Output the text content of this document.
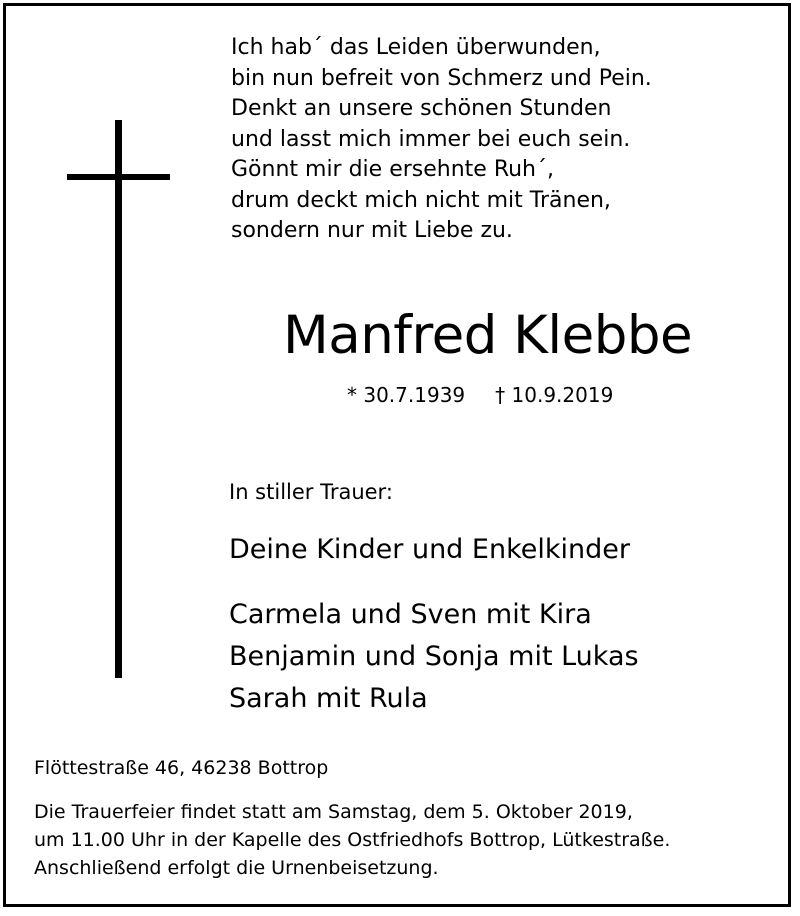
Ich hab´ das Leiden überwunden,
bin nun befreit von Schmerz und Pein.
Denkt an unsere schönen Stunden
und lasst mich immer bei euch sein.
Gönnt mir die ersehnte Ruh´,
drum deckt mich nicht mit Tränen,
sondern nur mit Liebe zu.
Manfred Klebbe
* 30.7.1939 † 10.9.2019
In stiller Trauer:
Deine Kinder und Enkelkinder
Carmela und Sven mit Kira
Benjamin und Sonja mit Lukas
Sarah mit Rula
Flöttestraße 46, 46238 Bottrop
Die Trauerfeier findet statt am Samstag, dem 5. Oktober 2019,
um 11.00 Uhr in der Kapelle des Ostfriedhofs Bottrop, Lütkestraße.
Anschließend erfolgt die Urnenbeisetzung.
